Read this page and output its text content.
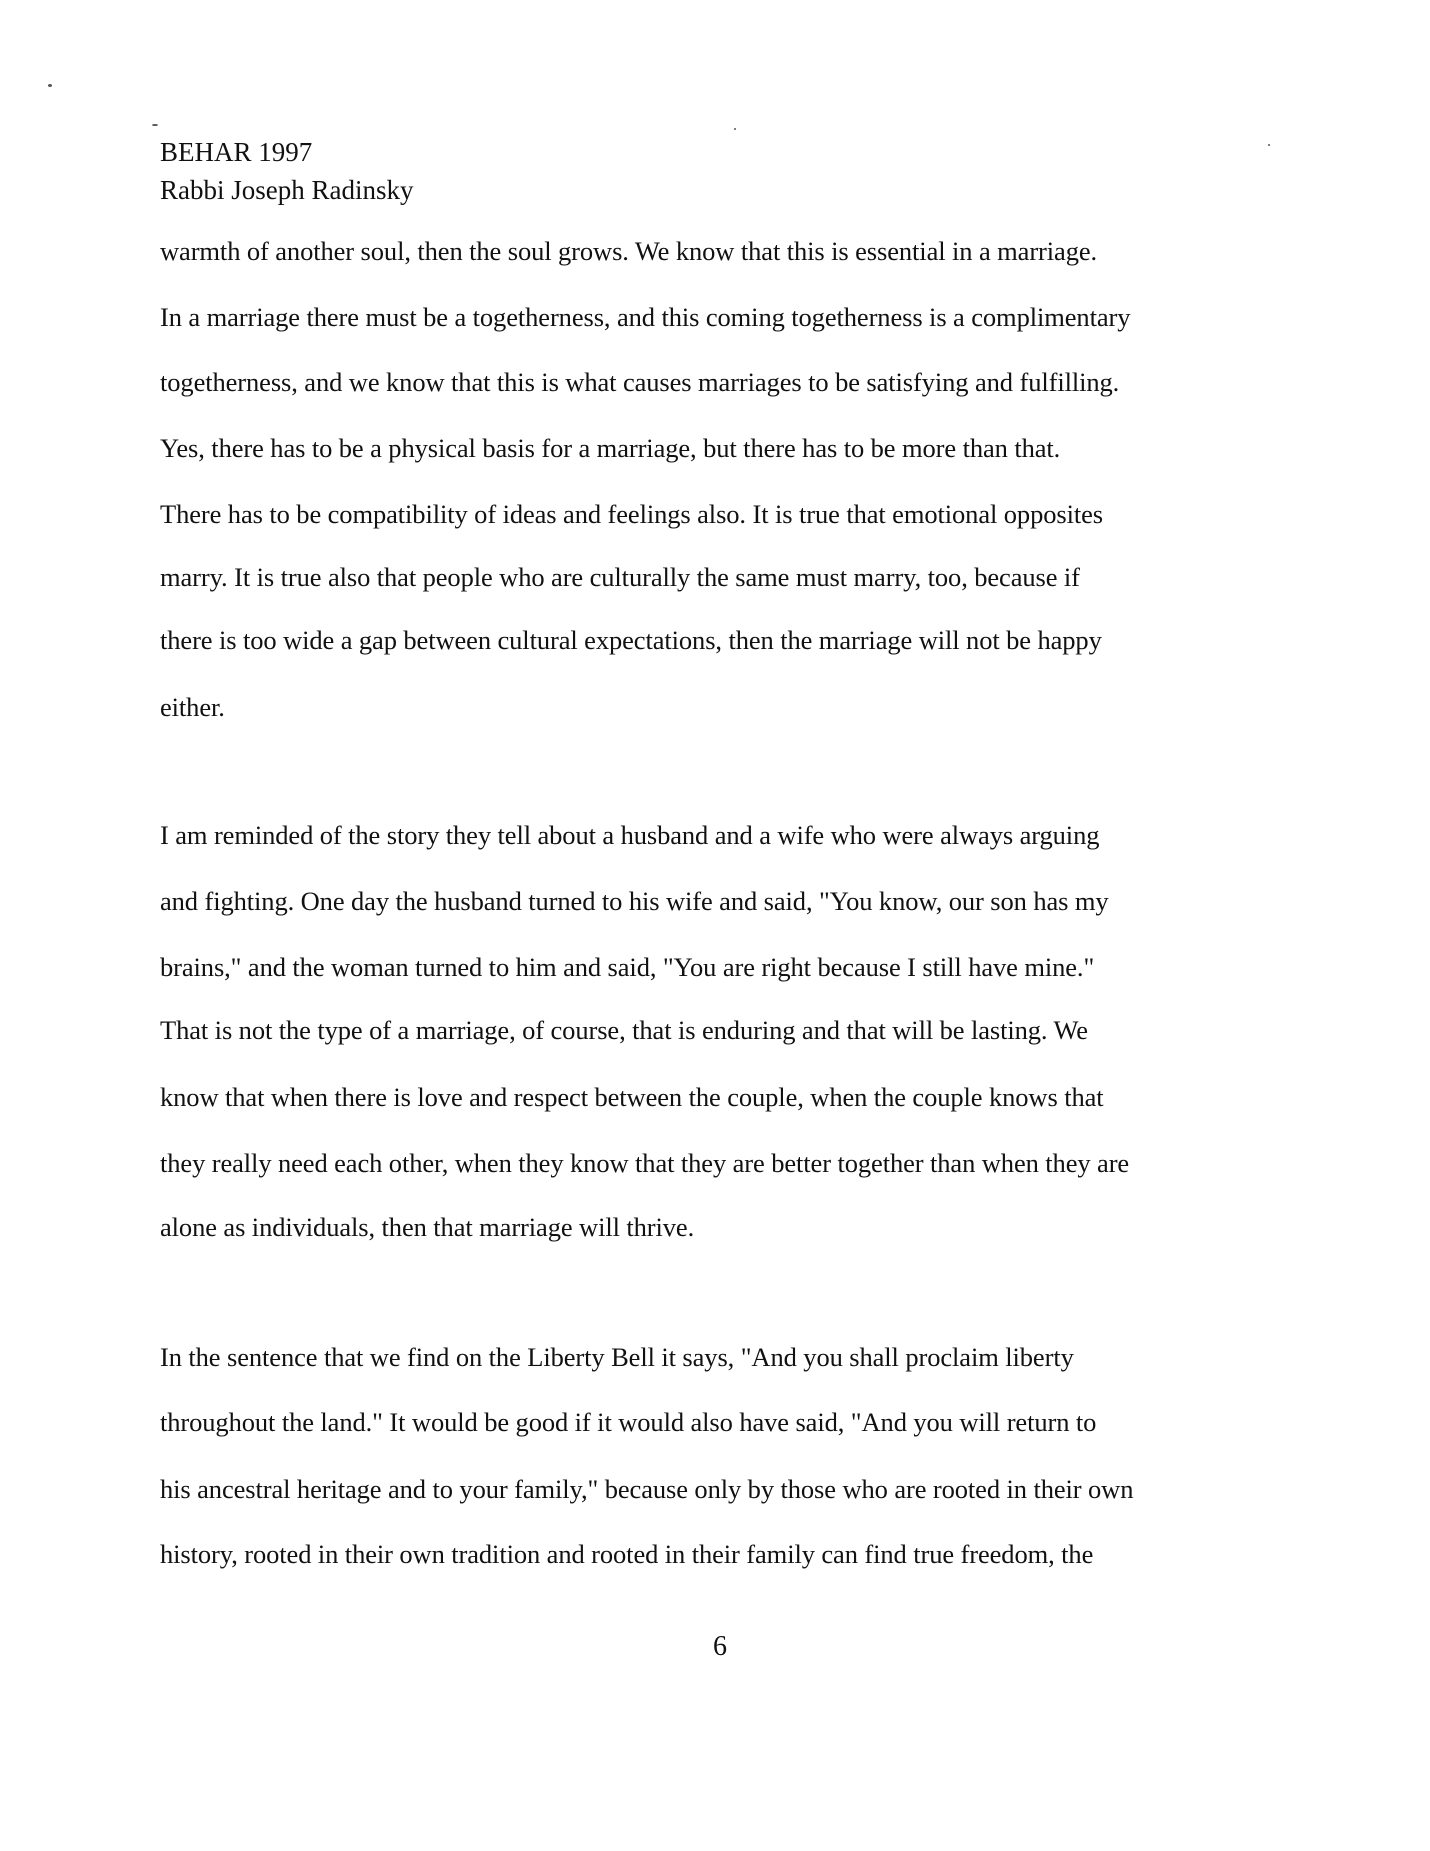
BEHAR 1997
Rabbi Joseph Radinsky
warmth of another soul, then the soul grows. We know that this is essential in a marriage.
In a marriage there must be a togetherness, and this coming togetherness is a complimentary
togetherness, and we know that this is what causes marriages to be satisfying and fulfilling.
Yes, there has to be a physical basis for a marriage, but there has to be more than that.
There has to be compatibility of ideas and feelings also. It is true that emotional opposites
marry. It is true also that people who are culturally the same must marry, too, because if
there is too wide a gap between cultural expectations, then the marriage will not be happy
either.
I am reminded of the story they tell about a husband and a wife who were always arguing
and fighting. One day the husband turned to his wife and said, "You know, our son has my
brains," and the woman turned to him and said, "You are right because I still have mine."
That is not the type of a marriage, of course, that is enduring and that will be lasting. We
know that when there is love and respect between the couple, when the couple knows that
they really need each other, when they know that they are better together than when they are
alone as individuals, then that marriage will thrive.
In the sentence that we find on the Liberty Bell it says, "And you shall proclaim liberty
throughout the land." It would be good if it would also have said, "And you will return to
his ancestral heritage and to your family," because only by those who are rooted in their own
history, rooted in their own tradition and rooted in their family can find true freedom, the
6
